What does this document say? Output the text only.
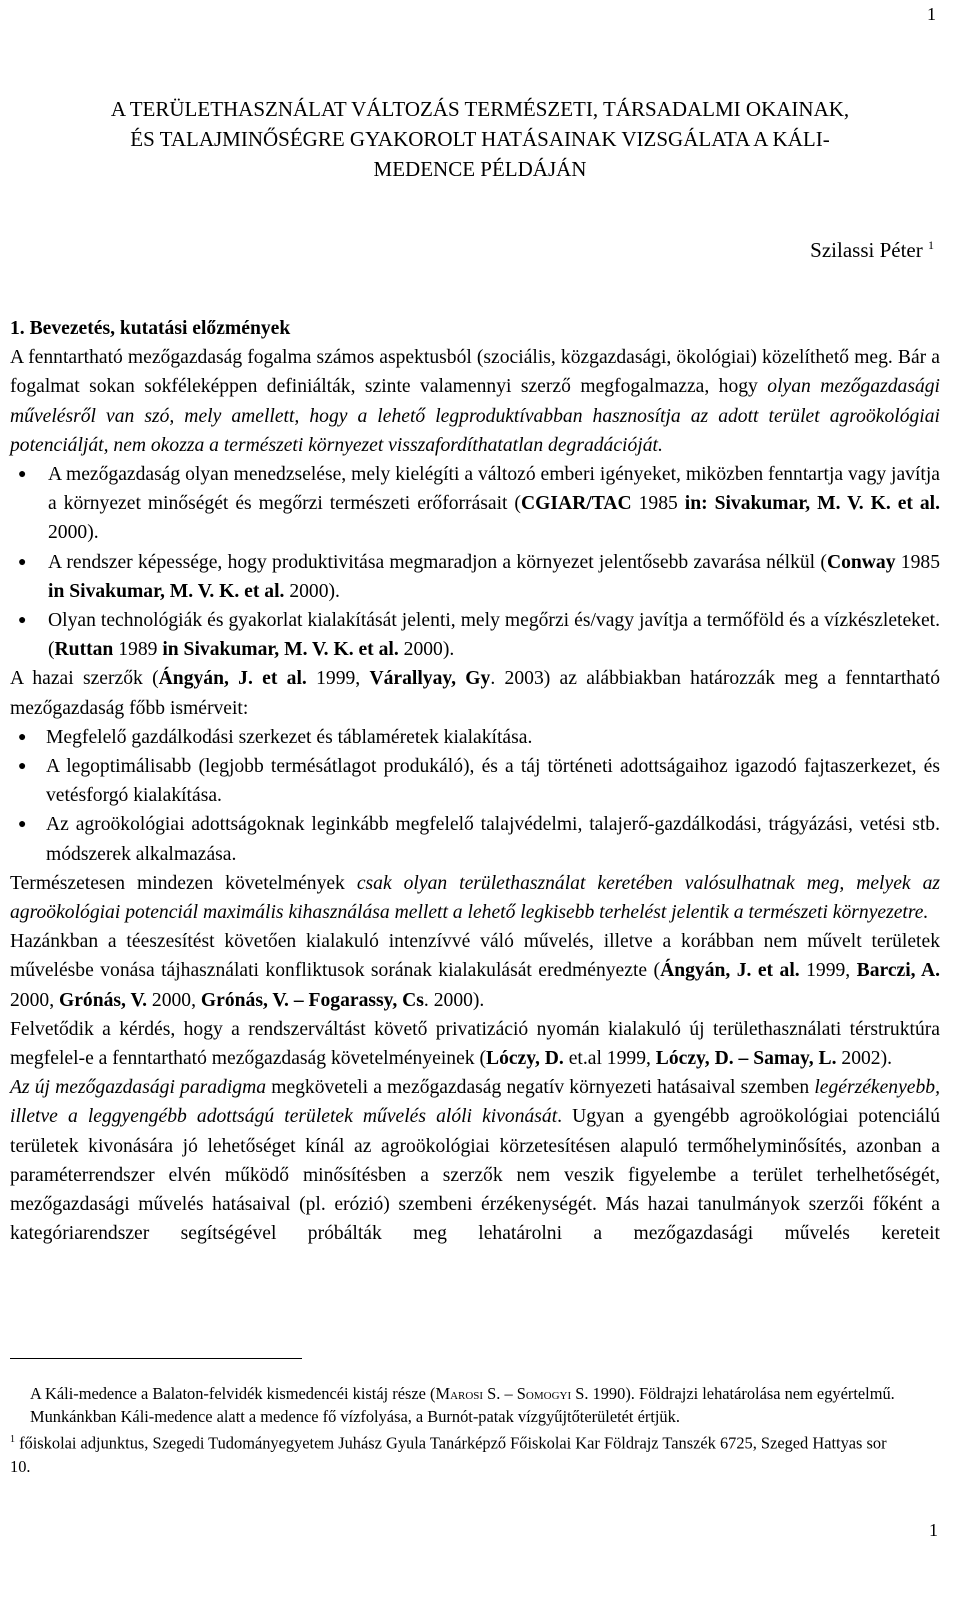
1
A TERÜLETHASZNÁLAT VÁLTOZÁS TERMÉSZETI, TÁRSADALMI OKAINAK,
ÉS TALAJMINŐSÉGRE GYAKOROLT HATÁSAINAK VIZSGÁLATA A KÁLI-
MEDENCE PÉLDÁJÁN
Szilassi Péter $^1$
1. Bevezetés, kutatási előzmények

A fenntartható mezőgazdaság fogalma számos aspektusból (szociális, közgazdasági, ökológiai) közelíthető meg. Bár a fogalmat sokan sokféleképpen definiálták, szinte valamennyi szerző megfogalmazza, hogy olyan mezőgazdasági művelésről van szó, mely amellett, hogy a lehető legproduktívabban hasznosítja az adott terület agroökológiai potenciálját, nem okozza a természeti környezet visszafordíthatatlan degradációját.

● A mezőgazdaság olyan menedzselése, mely kielégíti a változó emberi igényeket, miközben fenntartja vagy javítja a környezet minőségét és megőrzi természeti erőforrásait (CGIAR/TAC 1985 in: Sivakumar, M. V. K. et al. 2000).
● A rendszer képessége, hogy produktivitása megmaradjon a környezet jelentősebb zavarása nélkül (Conway 1985 in Sivakumar, M. V. K. et al. 2000).
● Olyan technológiák és gyakorlat kialakítását jelenti, mely megőrzi és/vagy javítja a termőföld és a vízkészleteket. (Ruttan 1989 in Sivakumar, M. V. K. et al. 2000).

A hazai szerzők (Ángyán, J. et al. 1999, Várallyay, Gy. 2003) az alábbiakban határozzák meg a fenntartható mezőgazdaság főbb ismérveit:

● Megfelelő gazdálkodási szerkezet és táblaméretek kialakítása.
● A legoptimálisabb (legjobb termésátlagot produkáló), és a táj történeti adottságaihoz igazodó fajtaszerkezet, és vetésforgó kialakítása.
● Az agroökológiai adottságoknak leginkább megfelelő talajvédelmi, talajerő-gazdálkodási, trágyázási, vetési stb. módszerek alkalmazása.

Természetesen mindezen követelmények csak olyan területhasználat keretében valósulhatnak meg, melyek az agroökológiai potenciál maximális kihasználása mellett a lehető legkisebb terhelést jelentik a természeti környezetre.

Hazánkban a téeszesítést követően kialakuló intenzívvé váló művelés, illetve a korábban nem művelt területek művelésbe vonása tájhasználati konfliktusok sorának kialakulását eredményezte (Ángyán, J. et al. 1999, Barczi, A. 2000, Grónás, V. 2000, Grónás, V. – Fogarassy, Cs. 2000).

Felvetődik a kérdés, hogy a rendszerváltást követő privatizáció nyomán kialakuló új területhasználati térstruktúra megfelel-e a fenntartható mezőgazdaság követelményeinek (Lóczy, D. et.al 1999, Lóczy, D. – Samay, L. 2002).

Az új mezőgazdasági paradigma megköveteli a mezőgazdaság negatív környezeti hatásaival szemben legérzékenyebb, illetve a leggyengébb adottságú területek művelés alóli kivonását. Ugyan a gyengébb agroökológiai potenciálú területek kivonására jó lehetőséget kínál az agroökológiai körzetesítésen alapuló termőhelyminősítés, azonban a paraméterrendszer elvén működő minősítésben a szerzők nem veszik figyelembe a terület terhelhetőségét, mezőgazdasági művelés hatásaival (pl. erózió) szembeni érzékenységét. Más hazai tanulmányok szerzői főként a kategóriarendszer segítségével próbálták meg lehatárolni a mezőgazdasági művelés kereteit

A Káli-medence a Balaton-felvidék kismedencéi kistáj része (Marosi S. – Somogyi S. 1990). Földrajzi lehatárolása nem egyértelmű. Munkánkban Káli-medence alatt a medence fő vízfolyása, a Burnót-patak vízgyűjtőterületét értjük.

$^1$ főiskolai adjunktus, Szegedi Tudományegyetem Juhász Gyula Tanárképző Főiskolai Kar Földrajz Tanszék 6725, Szeged Hattyas sor 10.

1
